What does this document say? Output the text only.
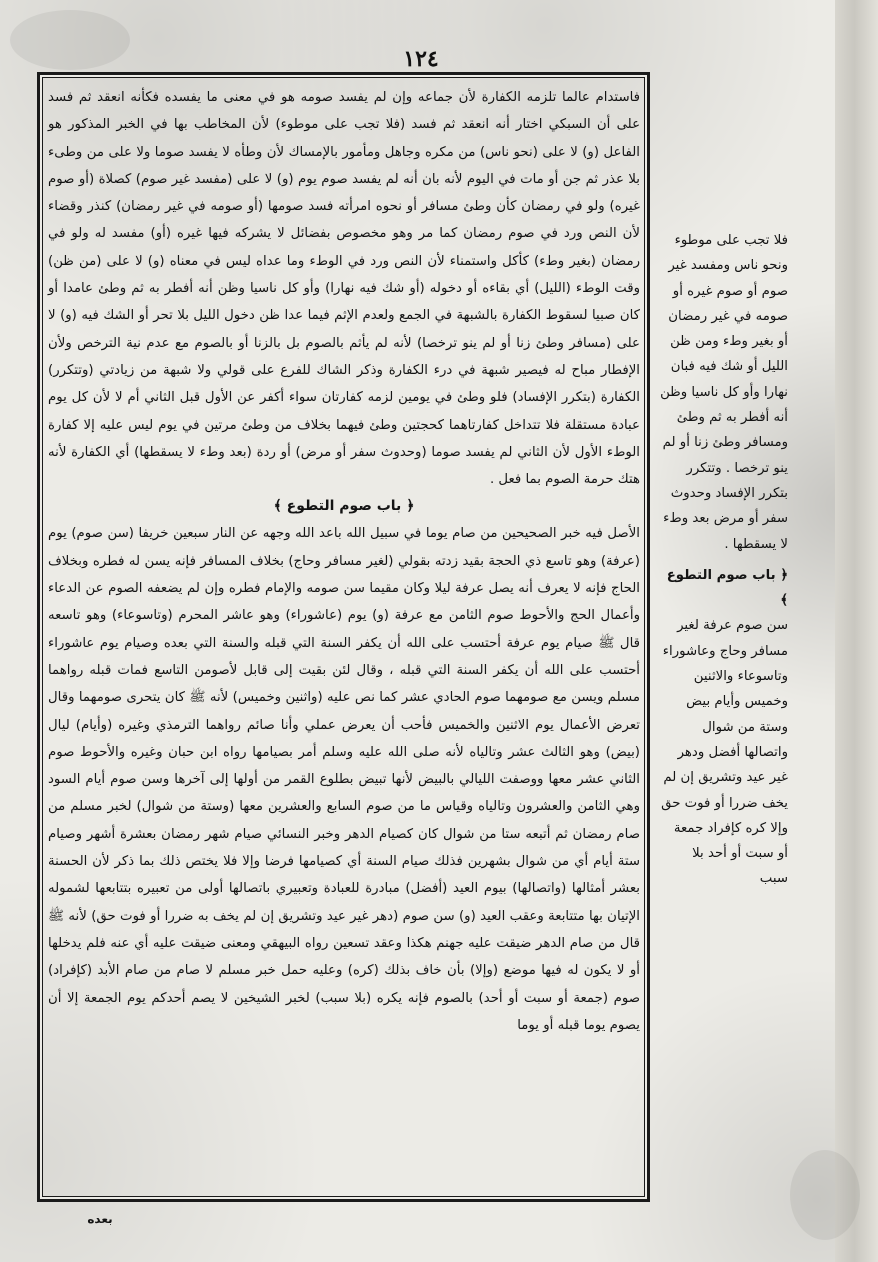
١٢٤

فاستدام عالما تلزمه الكفارة لأن جماعه وإن لم يفسد صومه هو في معنى ما يفسده فكأنه انعقد ثم فسد على أن السبكي اختار أنه انعقد ثم فسد (فلا تجب على موطوء) لأن المخاطب بها في الخبر المذكور هو الفاعل (و) لا على (نحو ناس) من مكره وجاهل ومأمور بالإمساك لأن وطأه لا يفسد صوما ولا على من وطىء بلا عذر ثم جن أو مات في اليوم لأنه بان أنه لم يفسد صوم يوم (و) لا على (مفسد غير صوم) كصلاة (أو صوم غيره) ولو في رمضان كأن وطئ مسافر أو نحوه امرأته فسد صومها (أو صومه في غير رمضان) كنذر وقضاء لأن النص ورد في صوم رمضان كما مر وهو مخصوص بفضائل لا يشركه فيها غيره (أو) مفسد له ولو في رمضان (بغير وطء) كأكل واستمناء لأن النص ورد في الوطء وما عداه ليس في معناه (و) لا على (من ظن) وقت الوطء (الليل) أي بقاءه أو دخوله (أو شك فيه نهارا) وأو كل ناسيا وظن أنه أفطر به ثم وطئ عامدا أو كان صبيا لسقوط الكفارة بالشبهة في الجمع ولعدم الإثم فيما عدا ظن دخول الليل بلا تحر أو الشك فيه (و) لا على (مسافر وطئ زنا أو لم ينو ترخصا) لأنه لم يأثم بالصوم بل بالزنا أو بالصوم مع عدم نية الترخص ولأن الإفطار مباح له فيصير شبهة في درء الكفارة وذكر الشاك للفرع على قولي ولا شبهة من زيادتي (وتتكرر) الكفارة (بتكرر الإفساد) فلو وطئ في يومين لزمه كفارتان سواء أكفر عن الأول قبل الثاني أم لا لأن كل يوم عبادة مستقلة فلا تتداخل كفارتاهما كحجتين وطئ فيهما بخلاف من وطئ مرتين في يوم ليس عليه إلا كفارة الوطء الأول لأن الثاني لم يفسد صوما (وحدوث سفر أو مرض) أو ردة (بعد وطء لا يسقطها) أي الكفارة لأنه هتك حرمة الصوم بما فعل .

﴿ باب صوم التطوع ﴾

الأصل فيه خبر الصحيحين من صام يوما في سبيل الله باعد الله وجهه عن النار سبعين خريفا (سن صوم) يوم (عرفة) وهو تاسع ذي الحجة بقيد زدته بقولي (لغير مسافر وحاج) بخلاف المسافر فإنه يسن له فطره وبخلاف الحاج فإنه لا يعرف أنه يصل عرفة ليلا وكان مقيما سن صومه والإمام فطره وإن لم يضعفه الصوم عن الدعاء وأعمال الحج والأحوط صوم الثامن مع عرفة (و) يوم (عاشوراء) وهو عاشر المحرم (وتاسوعاء) وهو تاسعه قال ﷺ صيام يوم عرفة أحتسب على الله أن يكفر السنة التي قبله والسنة التي بعده وصيام يوم عاشوراء أحتسب على الله أن يكفر السنة التي قبله ، وقال لئن بقيت إلى قابل لأصومن التاسع فمات قبله رواهما مسلم ويسن مع صومهما صوم الحادي عشر كما نص عليه (واثنين وخميس) لأنه ﷺ كان يتحرى صومهما وقال تعرض الأعمال يوم الاثنين والخميس فأحب أن يعرض عملي وأنا صائم رواهما الترمذي وغيره (وأيام) ليال (بيض) وهو الثالث عشر وتالياه لأنه صلى الله عليه وسلم أمر بصيامها رواه ابن حبان وغيره والأحوط صوم الثاني عشر معها ووصفت الليالي بالبيض لأنها تبيض بطلوع القمر من أولها إلى آخرها وسن صوم أيام السود وهي الثامن والعشرون وتالياه وقياس ما من صوم السابع والعشرين معها (وستة من شوال) لخبر مسلم من صام رمضان ثم أتبعه ستا من شوال كان كصيام الدهر وخبر النسائي صيام شهر رمضان بعشرة أشهر وصيام ستة أيام أي من شوال بشهرين فذلك صيام السنة أي كصيامها فرضا وإلا فلا يختص ذلك بما ذكر لأن الحسنة بعشر أمثالها (واتصالها) بيوم العيد (أفضل) مبادرة للعبادة وتعبيري باتصالها أولى من تعبيره بتتابعها لشموله الإتيان بها متتابعة وعقب العيد (و) سن صوم (دهر غير عيد وتشريق إن لم يخف به ضررا أو فوت حق) لأنه ﷺ قال من صام الدهر ضيقت عليه جهنم هكذا وعقد تسعين رواه البيهقي ومعنى ضيقت عليه أي عنه فلم يدخلها أو لا يكون له فيها موضع (وإلا) بأن خاف بذلك (كره) وعليه حمل خبر مسلم لا صام من صام الأبد (كإفراد) صوم (جمعة أو سبت أو أحد) بالصوم فإنه يكره (بلا سبب) لخبر الشيخين لا يصم أحدكم يوم الجمعة إلا أن يصوم يوما قبله أو يوما

فلا تجب على موطوء ونحو ناس ومفسد غير صوم أو صوم غيره أو صومه في غير رمضان أو بغير وطء ومن ظن الليل أو شك فيه فبان نهارا وأو كل ناسيا وظن أنه أفطر به ثم وطئ ومسافر وطئ زنا أو لم ينو ترخصا . وتتكرر بتكرر الإفساد وحدوث سفر أو مرض بعد وطء لا يسقطها .

﴿ باب صوم التطوع ﴾

سن صوم عرفة لغير مسافر وحاج وعاشوراء وتاسوعاء والاثنين وخميس وأيام بيض وستة من شوال واتصالها أفضل ودهر غير عيد وتشريق إن لم يخف ضررا أو فوت حق وإلا كره كإفراد جمعة أو سبت أو أحد بلا سبب

بعده
